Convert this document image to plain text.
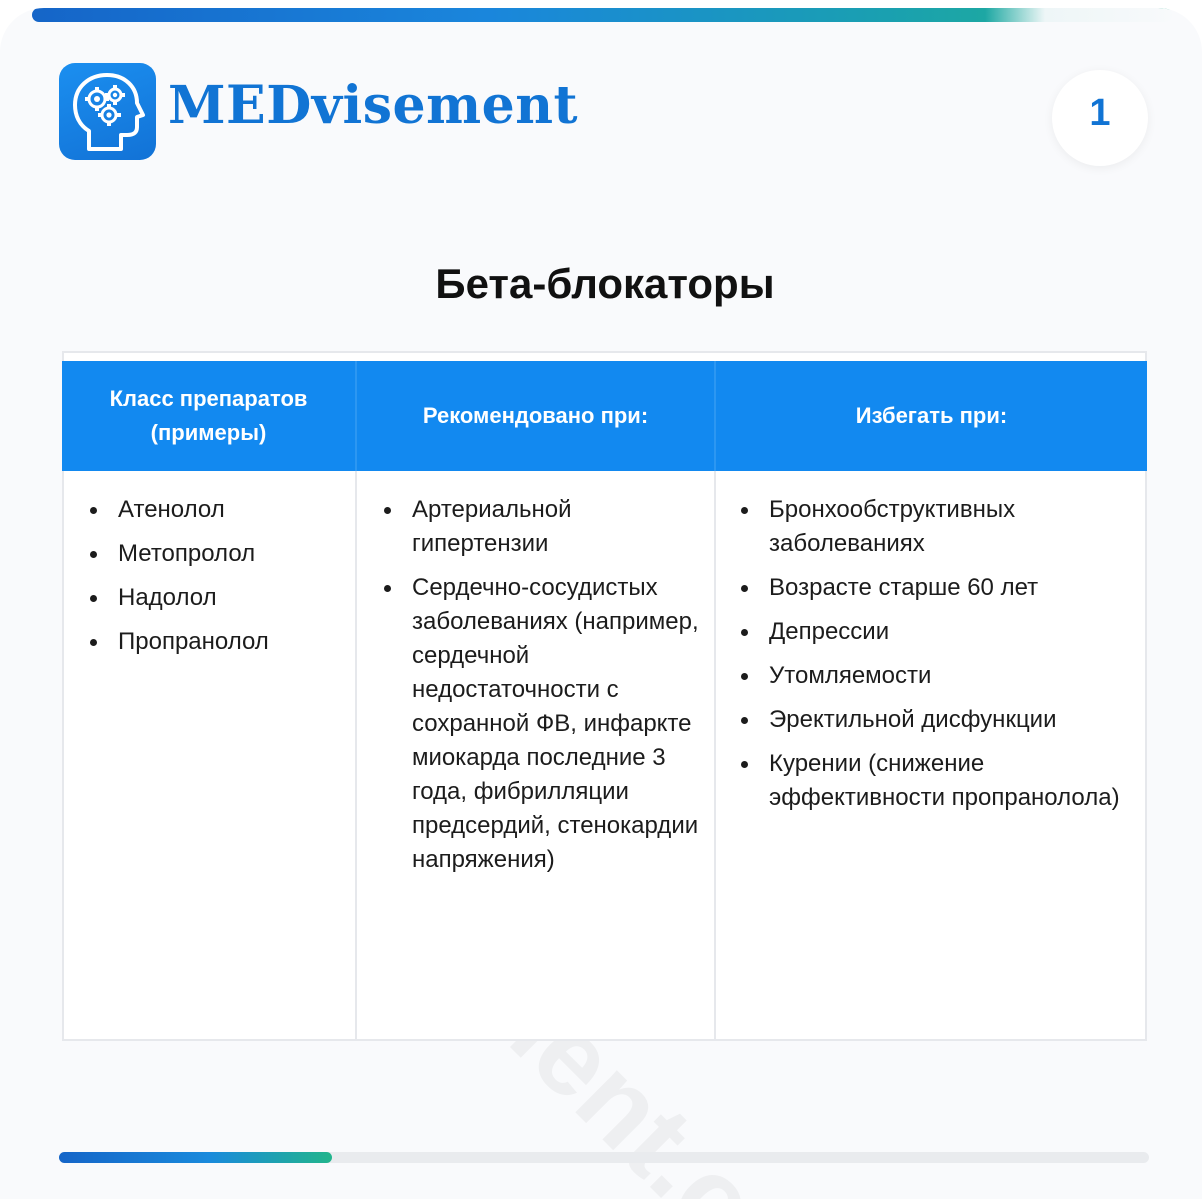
MEDvisement	1
Бета-блокаторы
Класс препаратов (примеры)
Рекомендовано при:	Избегать при:
Атенолол
Метопролол
Надолол
Пропранолол
Артериальной гипертензии
Сердечно-сосудистых заболеваниях (например, сердечной недостаточности с сохранной ФВ, инфаркте миокарда последние 3 года, фибрилляции предсердий, стенокардии напряжения)
Бронхообструктивных заболеваниях
Возрасте старше 60 лет
Депрессии
Утомляемости
Эректильной дисфункции
Курении (снижение эффективности пропранолола)
